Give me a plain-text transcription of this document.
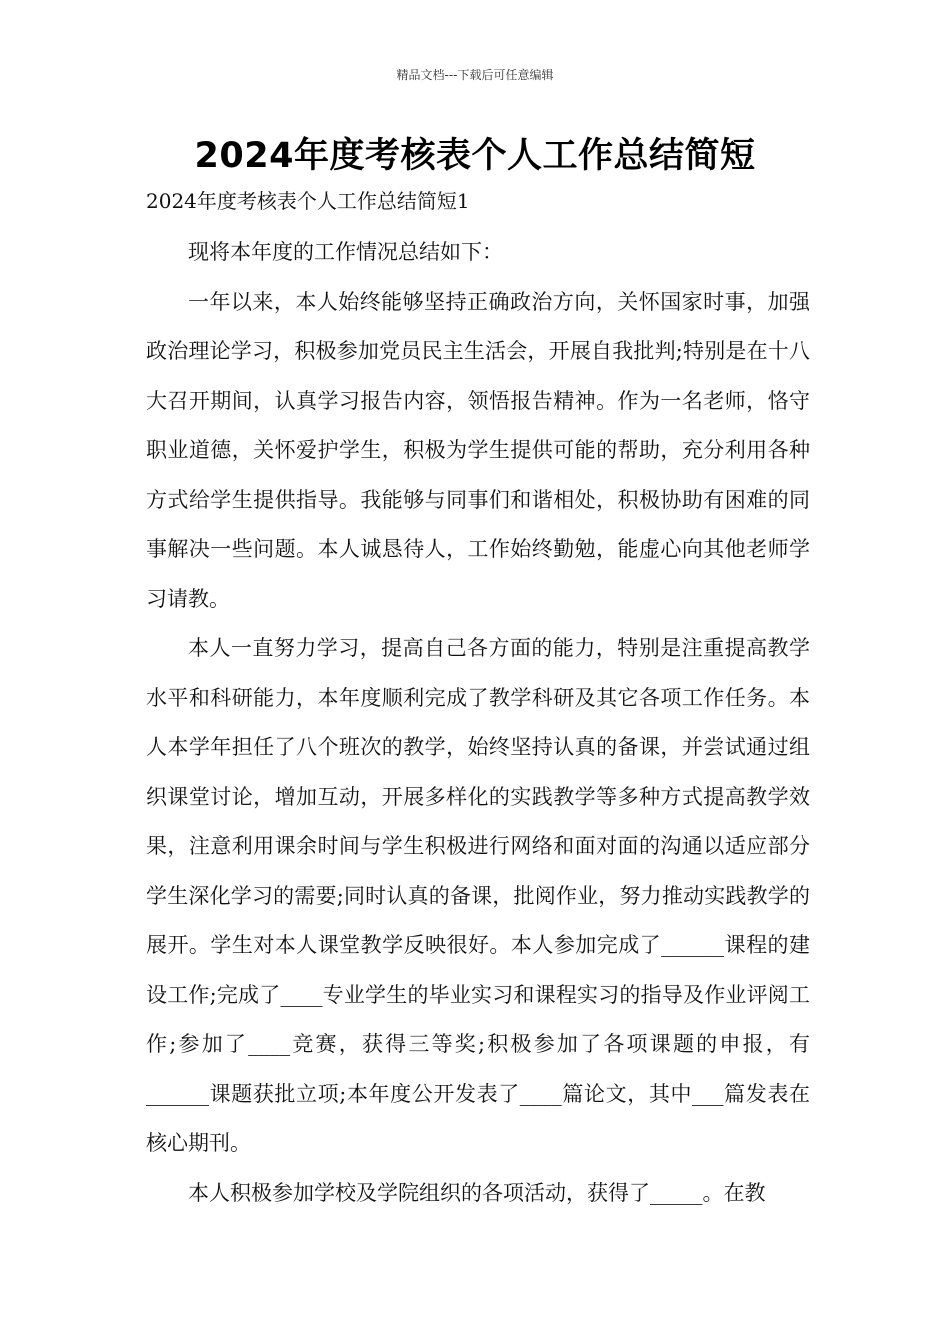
精品文档---下载后可任意编辑
2024年度考核表个人工作总结简短
2024年度考核表个人工作总结简短1

现将本年度的工作情况总结如下：

一年以来，本人始终能够坚持正确政治方向，关怀国家时事，加强政治理论学习，积极参加党员民主生活会，开展自我批判;特别是在十八大召开期间，认真学习报告内容，领悟报告精神。作为一名老师，恪守职业道德，关怀爱护学生，积极为学生提供可能的帮助，充分利用各种方式给学生提供指导。我能够与同事们和谐相处，积极协助有困难的同事解决一些问题。本人诚恳待人，工作始终勤勉，能虚心向其他老师学习请教。

本人一直努力学习，提高自己各方面的能力，特别是注重提高教学水平和科研能力，本年度顺利完成了教学科研及其它各项工作任务。本人本学年担任了八个班次的教学，始终坚持认真的备课，并尝试通过组织课堂讨论，增加互动，开展多样化的实践教学等多种方式提高教学效果，注意利用课余时间与学生积极进行网络和面对面的沟通以适应部分学生深化学习的需要;同时认真的备课，批阅作业，努力推动实践教学的展开。学生对本人课堂教学反映很好。本人参加完成了______课程的建设工作;完成了____专业学生的毕业实习和课程实习的指导及作业评阅工作;参加了____竞赛，获得三等奖;积极参加了各项课题的申报，有______课题获批立项;本年度公开发表了____篇论文，其中___篇发表在核心期刊。

本人积极参加学校及学院组织的各项活动，获得了_____。在教
